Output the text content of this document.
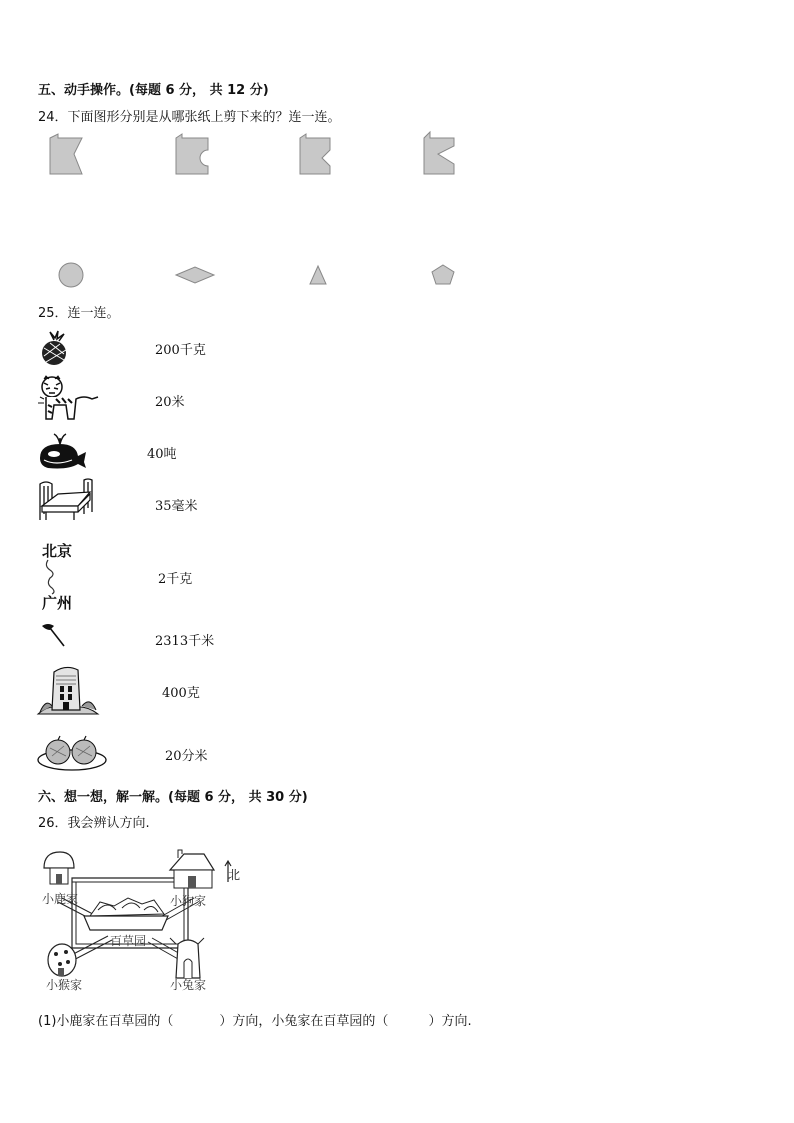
五、动手操作。(每题 6 分， 共 12 分)
24．下面图形分别是从哪张纸上剪下来的？连一连。
25．连一连。
200千克
20米
40吨
35毫米
北京
广州
2千克
2313千米
400克
20分米
六、想一想，解一解。(每题 6 分， 共 30 分)
26．我会辨认方向.
北
小鹿家	小狗家
百草园
小猴家	小兔家
(1)小鹿家在百草园的（	）方向，小兔家在百草园的（	）方向.
